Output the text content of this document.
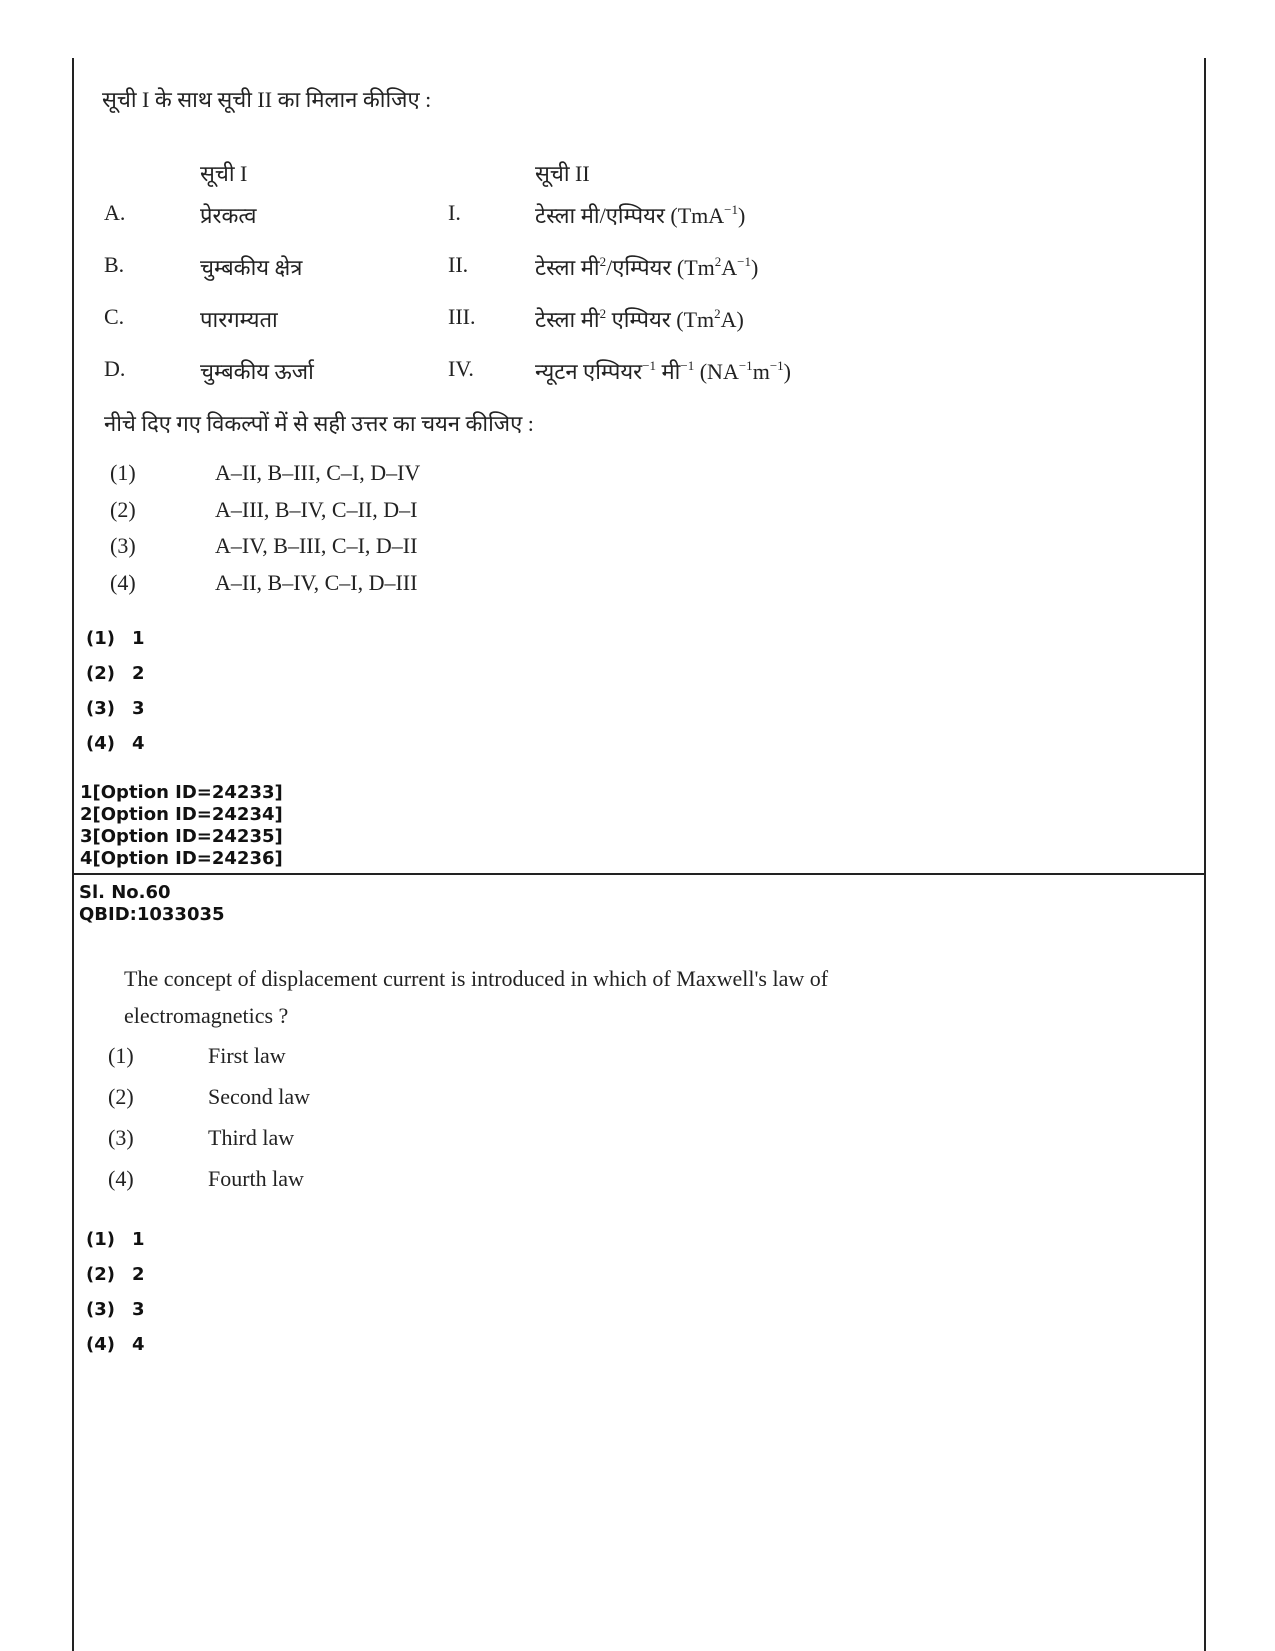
सूची I के साथ सूची II का मिलान कीजिए :
सूची I	सूची II
A.	प्रेरकत्व	I.	टेस्ला मी/एम्पियर (TmA$^{-1}$)
B.	चुम्बकीय क्षेत्र	II.	टेस्ला मी$^2$/एम्पियर $(Tm^2A^{-1})$
C.	पारगम्यता	III.	टेस्ला मी$^2$ एम्पियर (Tm$^2$A)
D.	चुम्बकीय ऊर्जा	IV.	न्यूटन एम्पियर$^{-1}$ मी$^{-1}$ $(NA^{-1}m^{-1})$
नीचे दिए गए विकल्पों में से सही उत्तर का चयन कीजिए :
(1)	A–II, B–III, C–I, D–IV
(2)	A–III, B–IV, C–II, D–I
(3)	A–IV, B–III, C–I, D–II
(4)	A–II, B–IV, C–I, D–III
(1) 1
(2) 2
(3) 3
(4) 4
1[Option ID=24233]
2[Option ID=24234]
3[Option ID=24235]
4[Option ID=24236]
Sl. No.60
QBID:1033035
The concept of displacement current is introduced in which of Maxwell's law of
electromagnetics ?
(1)	First law
(2)	Second law
(3)	Third law
(4)	Fourth law
(1) 1
(2) 2
(3) 3
(4) 4
